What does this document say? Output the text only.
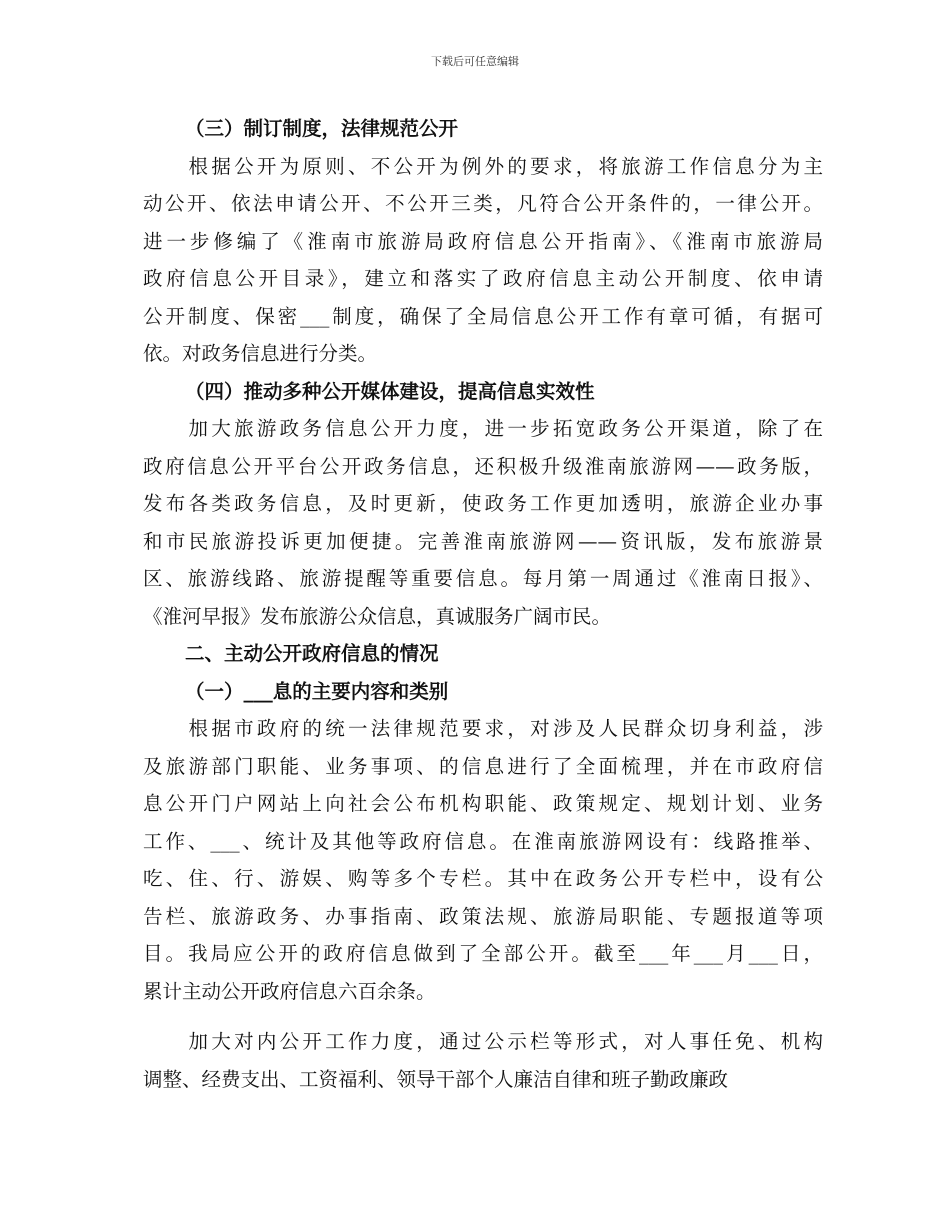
下载后可任意编辑
（三）制订制度，法律规范公开
　　根据公开为原则、不公开为例外的要求，将旅游工作信息分为主
动公开、依法申请公开、不公开三类，凡符合公开条件的，一律公开。
进一步修编了《淮南市旅游局政府信息公开指南》、《淮南市旅游局
政府信息公开目录》，建立和落实了政府信息主动公开制度、依申请
公开制度、保密___制度，确保了全局信息公开工作有章可循，有据可
依。对政务信息进行分类。
（四）推动多种公开媒体建设，提高信息实效性
　　加大旅游政务信息公开力度，进一步拓宽政务公开渠道，除了在
政府信息公开平台公开政务信息，还积极升级淮南旅游网——政务版，
发布各类政务信息，及时更新，使政务工作更加透明，旅游企业办事
和市民旅游投诉更加便捷。完善淮南旅游网——资讯版，发布旅游景
区、旅游线路、旅游提醒等重要信息。每月第一周通过《淮南日报》、
《淮河早报》发布旅游公众信息，真诚服务广阔市民。
二、主动公开政府信息的情况
（一）___息的主要内容和类别
　　根据市政府的统一法律规范要求，对涉及人民群众切身利益，涉
及旅游部门职能、业务事项、的信息进行了全面梳理，并在市政府信
息公开门户网站上向社会公布机构职能、政策规定、规划计划、业务
工作、___、统计及其他等政府信息。在淮南旅游网设有：线路推举、
吃、住、行、游娱、购等多个专栏。其中在政务公开专栏中，设有公
告栏、旅游政务、办事指南、政策法规、旅游局职能、专题报道等项
目。我局应公开的政府信息做到了全部公开。截至___年___月___日，
累计主动公开政府信息六百余条。
　　加大对内公开工作力度，通过公示栏等形式，对人事任免、机构
调整、经费支出、工资福利、领导干部个人廉洁自律和班子勤政廉政
